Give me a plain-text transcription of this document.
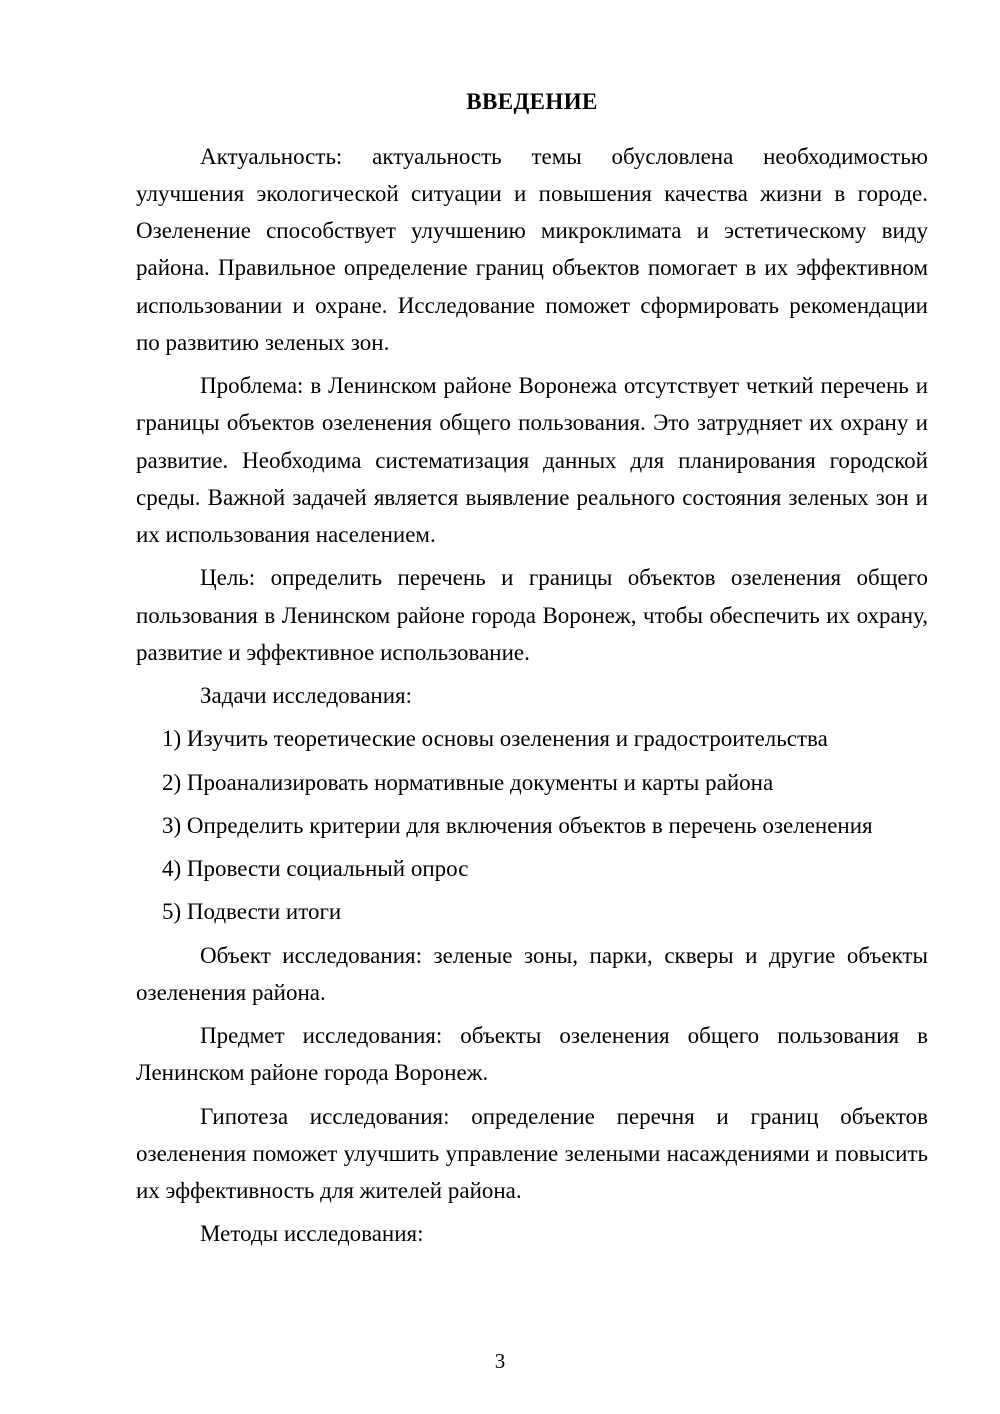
ВВЕДЕНИЕ

Актуальность: актуальность темы обусловлена необходимостью улучшения экологической ситуации и повышения качества жизни в городе. Озеленение способствует улучшению микроклимата и эстетическому виду района. Правильное определение границ объектов помогает в их эффективном использовании и охране. Исследование поможет сформировать рекомендации по развитию зеленых зон.

Проблема: в Ленинском районе Воронежа отсутствует четкий перечень и границы объектов озеленения общего пользования. Это затрудняет их охрану и развитие. Необходима систематизация данных для планирования городской среды. Важной задачей является выявление реального состояния зеленых зон и их использования населением.

Цель: определить перечень и границы объектов озеленения общего пользования в Ленинском районе города Воронеж, чтобы обеспечить их охрану, развитие и эффективное использование.

Задачи исследования:

1) Изучить теоретические основы озеленения и градостроительства

2) Проанализировать нормативные документы и карты района

3) Определить критерии для включения объектов в перечень озеленения

4) Провести социальный опрос

5) Подвести итоги

Объект исследования: зеленые зоны, парки, скверы и другие объекты озеленения района.

Предмет исследования: объекты озеленения общего пользования в Ленинском районе города Воронеж.

Гипотеза исследования: определение перечня и границ объектов озеленения поможет улучшить управление зелеными насаждениями и повысить их эффективность для жителей района.

Методы исследования:

3
